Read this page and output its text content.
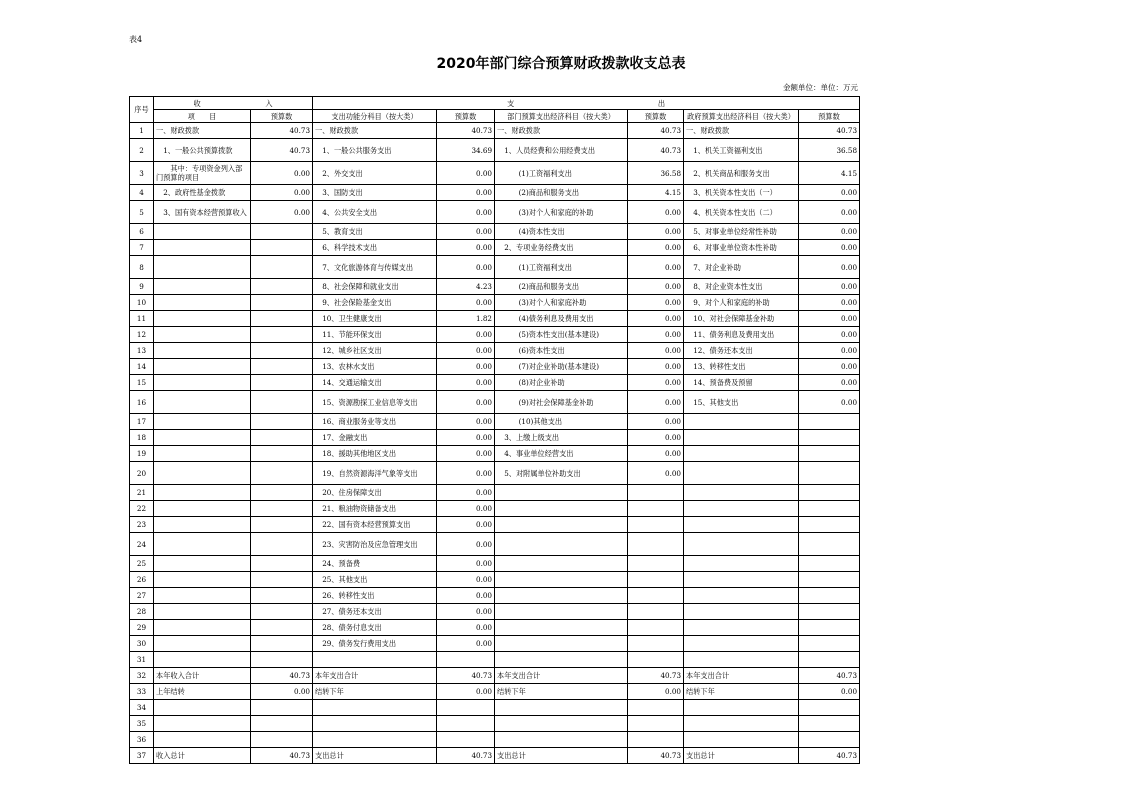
表4
2020年部门综合预算财政拨款收支总表
金额单位：单位：万元
序号	收　　　　　　　　　入		支　　　　　　　　　　　　　　　　　　　　出					
	项　　目	预算数	支出功能分科目（按大类）	预算数	部门预算支出经济科目（按大类）	预算数	政府预算支出经济科目（按大类）	预算数
1	一、财政拨款	40.73	一、财政拨款	40.73	一、财政拨款	40.73	一、财政拨款	40.73
2	　1、一般公共预算拨款	40.73	　1、一般公共服务支出	34.69	　1、人员经费和公用经费支出	40.73	　1、机关工资福利支出	36.58
3	　　其中：专项资金列入部门预算的项目	0.00	　2、外交支出	0.00	　　　(1)工资福利支出	36.58	　2、机关商品和服务支出	4.15
4	　2、政府性基金拨款	0.00	　3、国防支出	0.00	　　　(2)商品和服务支出	4.15	　3、机关资本性支出（一）	0.00
5	　3、国有资本经营预算收入	0.00	　4、公共安全支出	0.00	　　　(3)对个人和家庭的补助	0.00	　4、机关资本性支出（二）	0.00
6			　5、教育支出	0.00	　　　(4)资本性支出	0.00	　5、对事业单位经常性补助	0.00
7			　6、科学技术支出	0.00	　2、专项业务经费支出	0.00	　6、对事业单位资本性补助	0.00
8			　7、文化旅游体育与传媒支出	0.00	　　　(1)工资福利支出	0.00	　7、对企业补助	0.00
9			　8、社会保障和就业支出	4.23	　　　(2)商品和服务支出	0.00	　8、对企业资本性支出	0.00
10			　9、社会保险基金支出	0.00	　　　(3)对个人和家庭补助	0.00	　9、对个人和家庭的补助	0.00
11			　10、卫生健康支出	1.82	　　　(4)债务利息及费用支出	0.00	　10、对社会保障基金补助	0.00
12			　11、节能环保支出	0.00	　　　(5)资本性支出(基本建设)	0.00	　11、债务利息及费用支出	0.00
13			　12、城乡社区支出	0.00	　　　(6)资本性支出	0.00	　12、债务还本支出	0.00
14			　13、农林水支出	0.00	　　　(7)对企业补助(基本建设)	0.00	　13、转移性支出	0.00
15			　14、交通运输支出	0.00	　　　(8)对企业补助	0.00	　14、预备费及预留	0.00
16			　15、资源勘探工业信息等支出	0.00	　　　(9)对社会保障基金补助	0.00	　15、其他支出	0.00
17			　16、商业服务业等支出	0.00	　　　(10)其他支出	0.00		
18			　17、金融支出	0.00	　3、上缴上级支出	0.00		
19			　18、援助其他地区支出	0.00	　4、事业单位经营支出	0.00		
20			　19、自然资源海洋气象等支出	0.00	　5、对附属单位补助支出	0.00		
21			　20、住房保障支出	0.00				
22			　21、粮油物资储备支出	0.00				
23			　22、国有资本经营预算支出	0.00				
24			　23、灾害防治及应急管理支出	0.00				
25			　24、预备费	0.00				
26			　25、其他支出	0.00				
27			　26、转移性支出	0.00				
28			　27、债务还本支出	0.00				
29			　28、债务付息支出	0.00				
30			　29、债务发行费用支出	0.00				
31								
32	本年收入合计	40.73	本年支出合计	40.73	本年支出合计	40.73	本年支出合计	40.73
33	上年结转	0.00	结转下年	0.00	结转下年	0.00	结转下年	0.00
34								
35								
36								
37	收入总计	40.73	支出总计	40.73	支出总计	40.73	支出总计	40.73
